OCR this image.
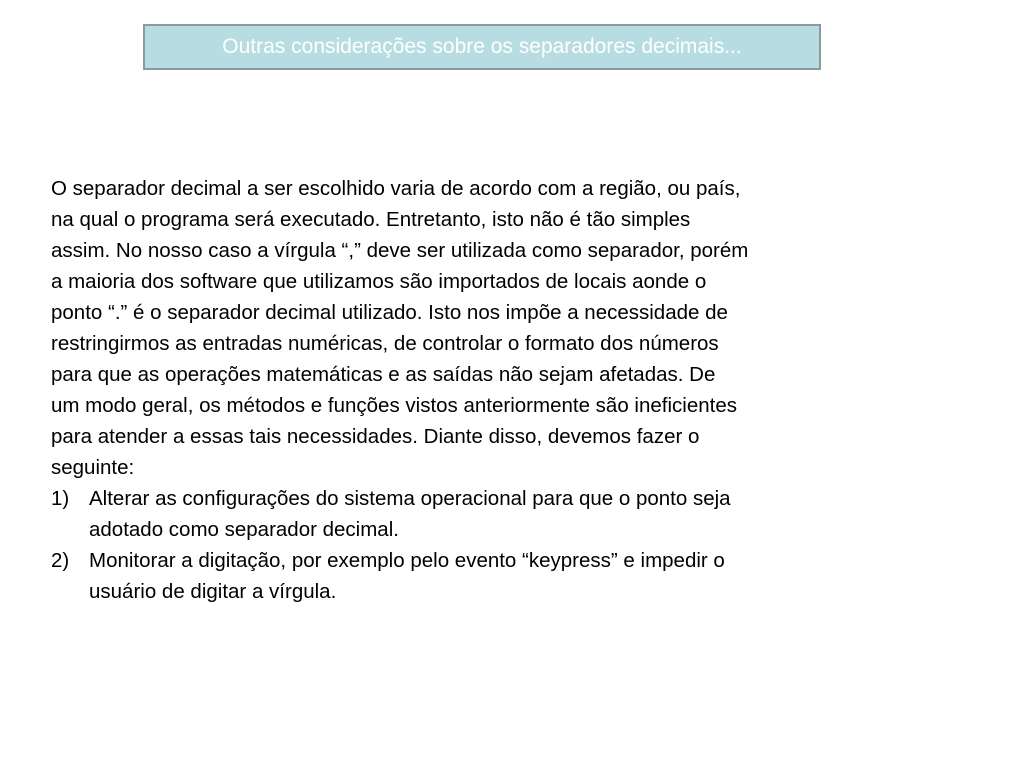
Outras considerações sobre os separadores decimais...

O separador decimal a ser escolhido varia de acordo com a região, ou país,
na qual o programa será executado. Entretanto, isto não é tão simples
assim. No nosso caso a vírgula “,” deve ser utilizada como separador, porém
a maioria dos software que utilizamos são importados de locais aonde o
ponto “.” é o separador decimal utilizado. Isto nos impõe a necessidade de
restringirmos as entradas numéricas, de controlar o formato dos números
para que as operações matemáticas e as saídas não sejam afetadas. De
um modo geral, os métodos e funções vistos anteriormente são ineficientes
para atender a essas tais necessidades. Diante disso, devemos fazer o
seguinte:

1) Alterar as configurações do sistema operacional para que o ponto seja
adotado como separador decimal.
2) Monitorar a digitação, por exemplo pelo evento “keypress” e impedir o
usuário de digitar a vírgula.
